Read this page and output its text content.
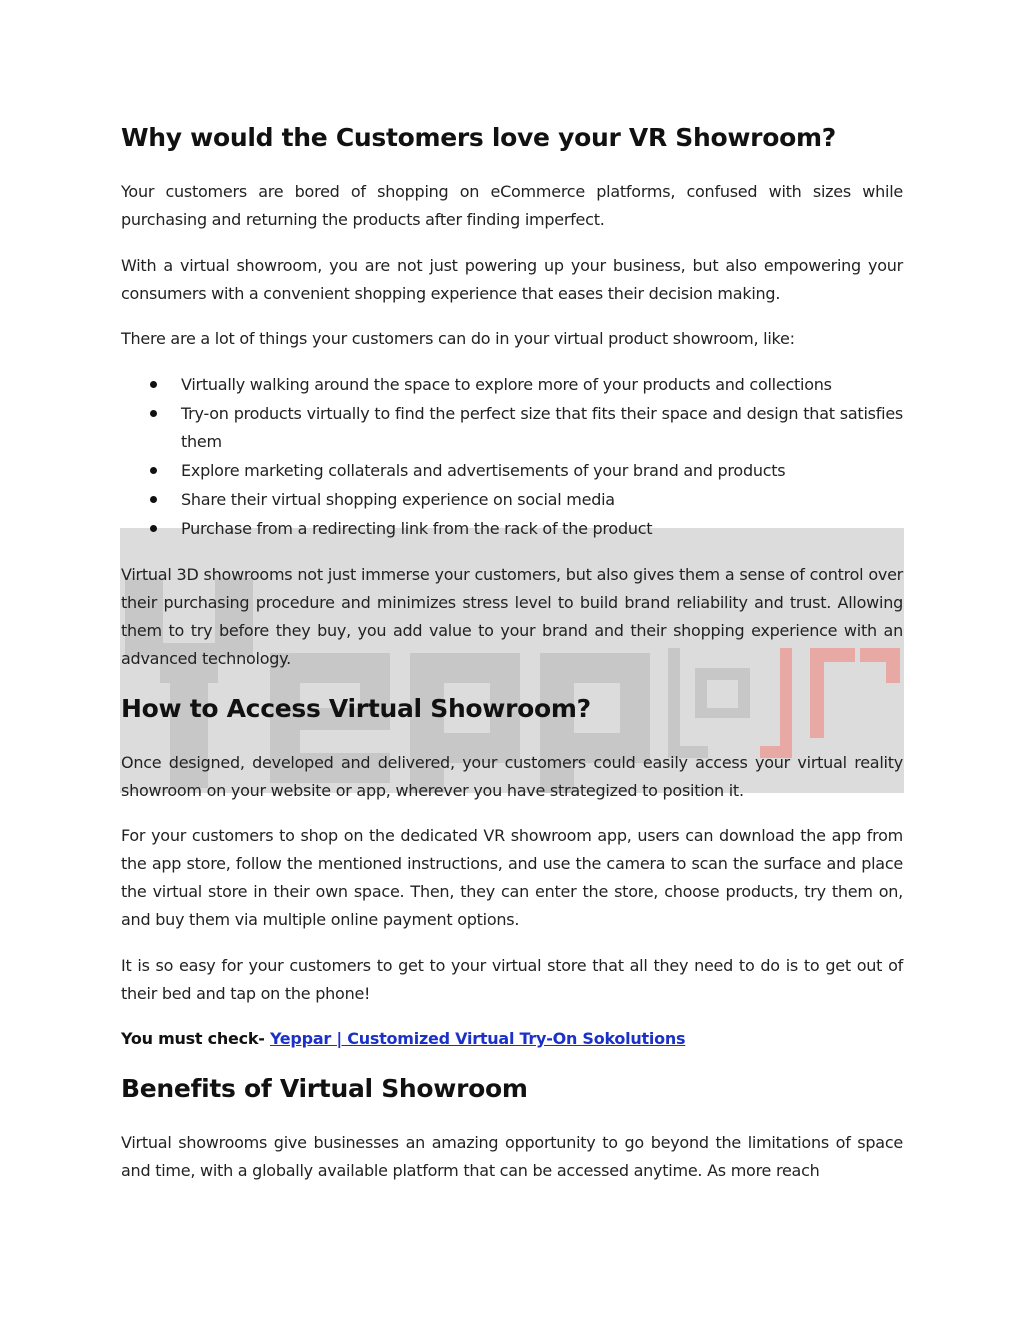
Why would the Customers love your VR Showroom?

Your customers are bored of shopping on eCommerce platforms, confused with sizes while purchasing and returning the products after finding imperfect.

With a virtual showroom, you are not just powering up your business, but also empowering your consumers with a convenient shopping experience that eases their decision making.

There are a lot of things your customers can do in your virtual product showroom, like:

Virtually walking around the space to explore more of your products and collections
Try-on products virtually to find the perfect size that fits their space and design that satisfies them
Explore marketing collaterals and advertisements of your brand and products
Share their virtual shopping experience on social media
Purchase from a redirecting link from the rack of the product

Virtual 3D showrooms not just immerse your customers, but also gives them a sense of control over their purchasing procedure and minimizes stress level to build brand reliability and trust. Allowing them to try before they buy, you add value to your brand and their shopping experience with an advanced technology.

How to Access Virtual Showroom?

Once designed, developed and delivered, your customers could easily access your virtual reality showroom on your website or app, wherever you have strategized to position it.

For your customers to shop on the dedicated VR showroom app, users can download the app from the app store, follow the mentioned instructions, and use the camera to scan the surface and place the virtual store in their own space. Then, they can enter the store, choose products, try them on, and buy them via multiple online payment options.

It is so easy for your customers to get to your virtual store that all they need to do is to get out of their bed and tap on the phone!

You must check- Yeppar | Customized Virtual Try-On Sokolutions
Benefits of Virtual Showroom

Virtual showrooms give businesses an amazing opportunity to go beyond the limitations of space and time, with a globally available platform that can be accessed anytime. As more reach
